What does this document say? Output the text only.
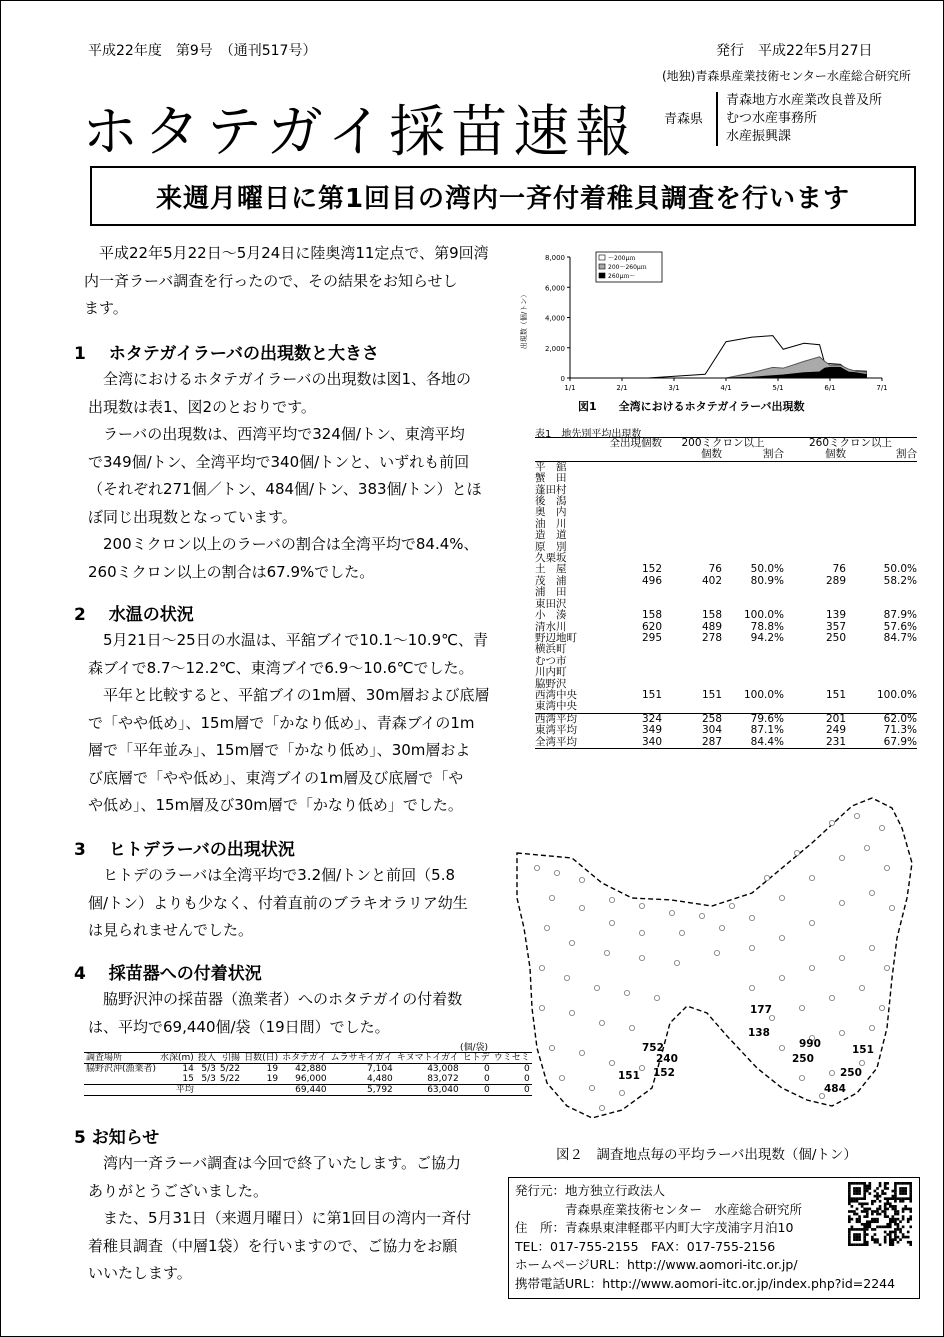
平成22年度　第9号　（通刊517号）	発行　平成22年5月27日
(地独)青森県産業技術センター水産総合研究所
ホタテガイ採苗速報 青森県
青森地方水産業改良普及所
むつ水産事務所
水産振興課
来週月曜日に第1回目の湾内一斉付着稚貝調査を行います

平成22年5月22日～5月24日に陸奥湾11定点で、第9回湾

内一斉ラーバ調査を行ったので、その結果をお知らせし

ます。

1　 ホタテガイラーバの出現数と大きさ

全湾におけるホタテガイラーバの出現数は図1、各地の

出現数は表1、図2のとおりです。

ラーバの出現数は、西湾平均で324個/トン、東湾平均

で349個/トン、全湾平均で340個/トンと、いずれも前回

（それぞれ271個／トン、484個/トン、383個/トン）とほ

ぼ同じ出現数となっています。

200ミクロン以上のラーバの割合は全湾平均で84.4%、

260ミクロン以上の割合は67.9%でした。

2　 水温の状況

5月21日～25日の水温は、平舘ブイで10.1～10.9℃、青

森ブイで8.7～12.2℃、東湾ブイで6.9～10.6℃でした。

平年と比較すると、平舘ブイの1m層、30m層および底層

で「やや低め」、15m層で「かなり低め」、青森ブイの1m

層で「平年並み」、15m層で「かなり低め」、30m層およ

び底層で「やや低め」、東湾ブイの1m層及び底層で「や

や低め」、15m層及び30m層で「かなり低め」でした。

3　 ヒトデラーバの出現状況

ヒトデのラーバは全湾平均で3.2個/トンと前回（5.8

個/トン）よりも少なく、付着直前のブラキオラリア幼生

は見られませんでした。

4　 採苗器への付着状況

脇野沢沖の採苗器（漁業者）へのホタテガイの付着数

は、平均で69,440個/袋（19日間）でした。

(個/袋)
調査場所	水深(m)	投入	引揚	日数(日)	ホタテガイ	ムラサキイガイ	キヌマトイガイ	ヒトデ	ウミセミ
脇野沢沖(漁業者)	14	5/3	5/22	19	42,880	7,104	43,008	0	0
	15	5/3	5/22	19	96,000	4,480	83,072	0	0
	平均				69,440	5,792	63,040	0	0
5 お知らせ

湾内一斉ラーバ調査は今回で終了いたします。ご協力

ありがとうございました。

また、5月31日（来週月曜日）に第1回目の湾内一斉付

着稚貝調査（中層1袋）を行いますので、ご協力をお願

いいたします。

0
2,000
4,000
6,000
8,000
1/1	2/1	3/1	4/1	5/1	6/1	7/1
出現数（個/トン）
～200μｍ
200～260μｍ
260μｍ～
図1　　全湾におけるホタテガイラーバ出現数
表1　地先別平均出現数
	全出現個数	200ミクロン以上		260ミクロン以上	
		個数	割合	個数	割合
平　舘					
蟹　田					
蓬田村					
後　潟					
奥　内					
油　川					
造　道					
原　別					
久栗坂					
土　屋	152	76	50.0%	76	50.0%
茂　浦	496	402	80.9%	289	58.2%
浦　田					
東田沢					
小　湊	158	158	100.0%	139	87.9%
清水川	620	489	78.8%	357	57.6%
野辺地町	295	278	94.2%	250	84.7%
横浜町					
むつ市					
川内町					
脇野沢					
西湾中央	151	151	100.0%	151	100.0%
東湾中央					
西湾平均	324	258	79.6%	201	62.0%
東湾平均	349	304	87.1%	249	71.3%
全湾平均	340	287	84.4%	231	67.9%
177
138
990
250
151
250
484
752
240
151 152
図２　調査地点毎の平均ラーバ出現数（個/トン）
発行元：地方独立行政法人
　　　　青森県産業技術センター　水産総合研究所
住　所：青森県東津軽郡平内町大字茂浦字月泊10
TEL：017-755-2155　FAX：017-755-2156
ホームページURL：http://www.aomori-itc.or.jp/
携帯電話URL：http://www.aomori-itc.or.jp/index.php?id=2244
